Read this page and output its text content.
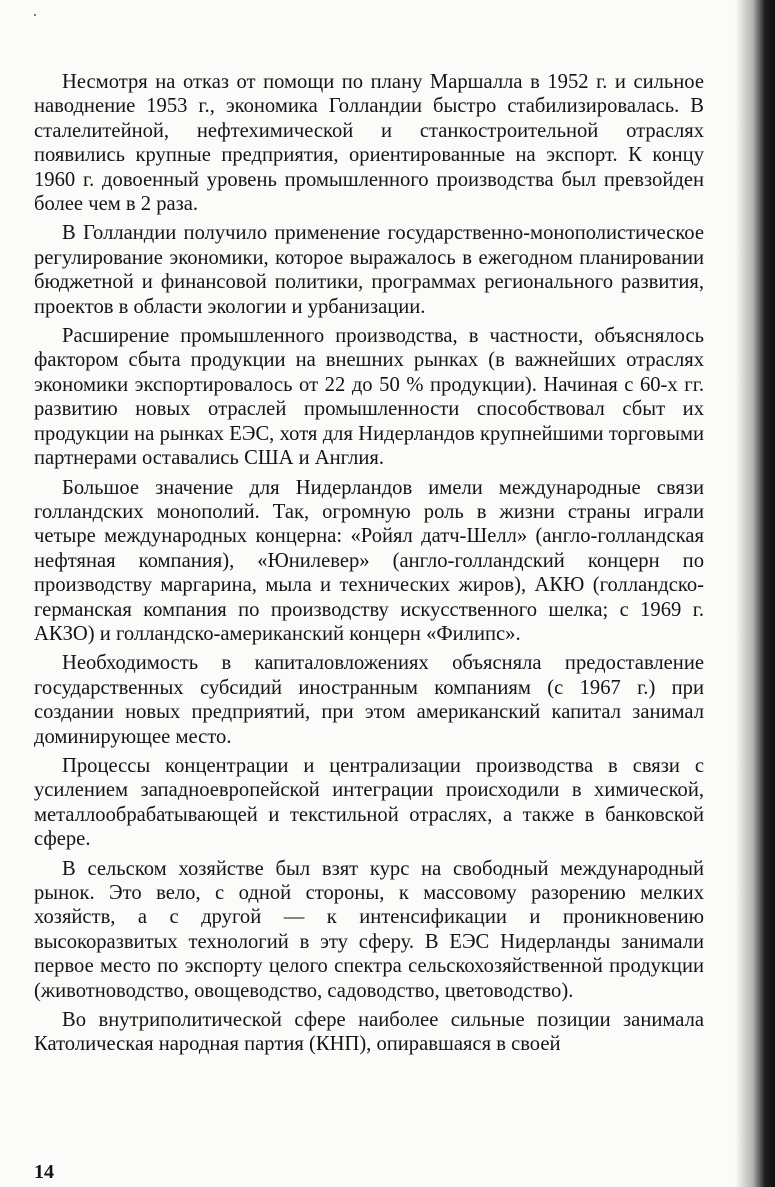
Несмотря на отказ от помощи по плану Маршалла в 1952 г. и сильное наводнение 1953 г., экономика Голландии быстро стабилизировалась. В сталелитейной, нефтехимической и станкостроительной отраслях появились крупные предприятия, ориентированные на экспорт. К концу 1960 г. довоенный уровень промышленного производства был превзойден более чем в 2 раза.

В Голландии получило применение государственно-монополистическое регулирование экономики, которое выражалось в ежегодном планировании бюджетной и финансовой политики, программах регионального развития, проектов в области экологии и урбанизации.

Расширение промышленного производства, в частности, объяснялось фактором сбыта продукции на внешних рынках (в важнейших отраслях экономики экспортировалось от 22 до 50 % продукции). Начиная с 60-х гг. развитию новых отраслей промышленности способствовал сбыт их продукции на рынках ЕЭС, хотя для Нидерландов крупнейшими торговыми партнерами оставались США и Англия.

Большое значение для Нидерландов имели международные связи голландских монополий. Так, огромную роль в жизни страны играли четыре международных концерна: «Ройял датч-Шелл» (англо-голландская нефтяная компания), «Юнилевер» (англо-голландский концерн по производству маргарина, мыла и технических жиров), АКЮ (голландско-германская компания по производству искусственного шелка; с 1969 г. АКЗО) и голландско-американский концерн «Филипс».

Необходимость в капиталовложениях объясняла предоставление государственных субсидий иностранным компаниям (с 1967 г.) при создании новых предприятий, при этом американский капитал занимал доминирующее место.

Процессы концентрации и централизации производства в связи с усилением западноевропейской интеграции происходили в химической, металлообрабатывающей и текстильной отраслях, а также в банковской сфере.

В сельском хозяйстве был взят курс на свободный международный рынок. Это вело, с одной стороны, к массовому разорению мелких хозяйств, а с другой — к интенсификации и проникновению высокоразвитых технологий в эту сферу. В ЕЭС Нидерланды занимали первое место по экспорту целого спектра сельскохозяйственной продукции (животноводство, овощеводство, садоводство, цветоводство).

Во внутриполитической сфере наиболее сильные позиции занимала Католическая народная партия (КНП), опиравшаяся в своей

14
